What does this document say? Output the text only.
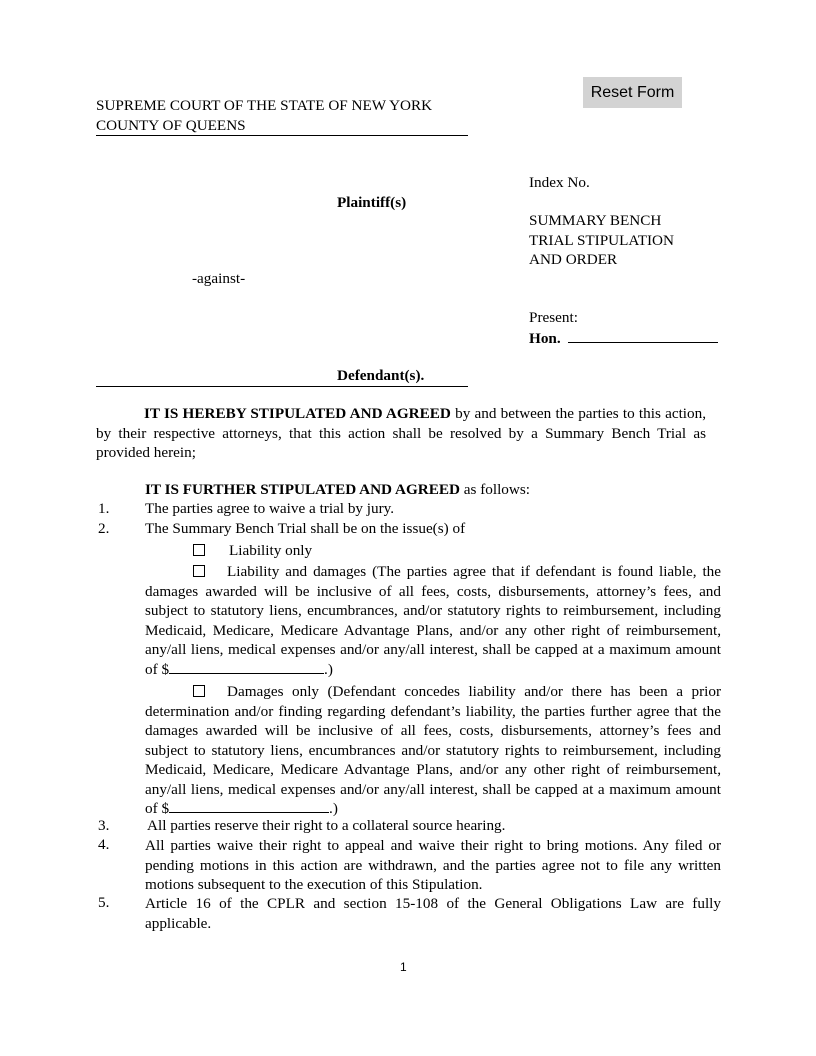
Reset Form
SUPREME COURT OF THE STATE OF NEW YORK
COUNTY OF QUEENS
Index No.
Plaintiff(s)
SUMMARY BENCH
TRIAL STIPULATION
AND ORDER
-against-
Present:
Hon.
Defendant(s).
IT IS HEREBY STIPULATED AND AGREED by and between the parties to this action, by their respective attorneys, that this action shall be resolved by a Summary Bench Trial as provided herein;
IT IS FURTHER STIPULATED AND AGREED as follows:
1.	The parties agree to waive a trial by jury.
2.	The Summary Bench Trial shall be on the issue(s) of
Liability only
Liability and damages (The parties agree that if defendant is found liable, the damages awarded will be inclusive of all fees, costs, disbursements, attorney’s fees, and subject to statutory liens, encumbrances, and/or statutory rights to reimbursement, including Medicaid, Medicare, Medicare Advantage Plans, and/or any other right of reimbursement, any/all liens, medical expenses and/or any/all interest, shall be capped at a maximum amount of $	.)
Damages only (Defendant concedes liability and/or there has been a prior determination and/or finding regarding defendant’s liability, the parties further agree that the damages awarded will be inclusive of all fees, costs, disbursements, attorney’s fees and subject to statutory liens, encumbrances and/or statutory rights to reimbursement, including Medicaid, Medicare, Medicare Advantage Plans, and/or any other right of reimbursement, any/all liens, medical expenses and/or any/all interest, shall be capped at a maximum amount of $	.)
3.	All parties reserve their right to a collateral source hearing.
4.	All parties waive their right to appeal and waive their right to bring motions. Any filed or pending motions in this action are withdrawn, and the parties agree not to file any written motions subsequent to the execution of this Stipulation.
5.	Article 16 of the CPLR and section 15-108 of the General Obligations Law are fully applicable.
1
